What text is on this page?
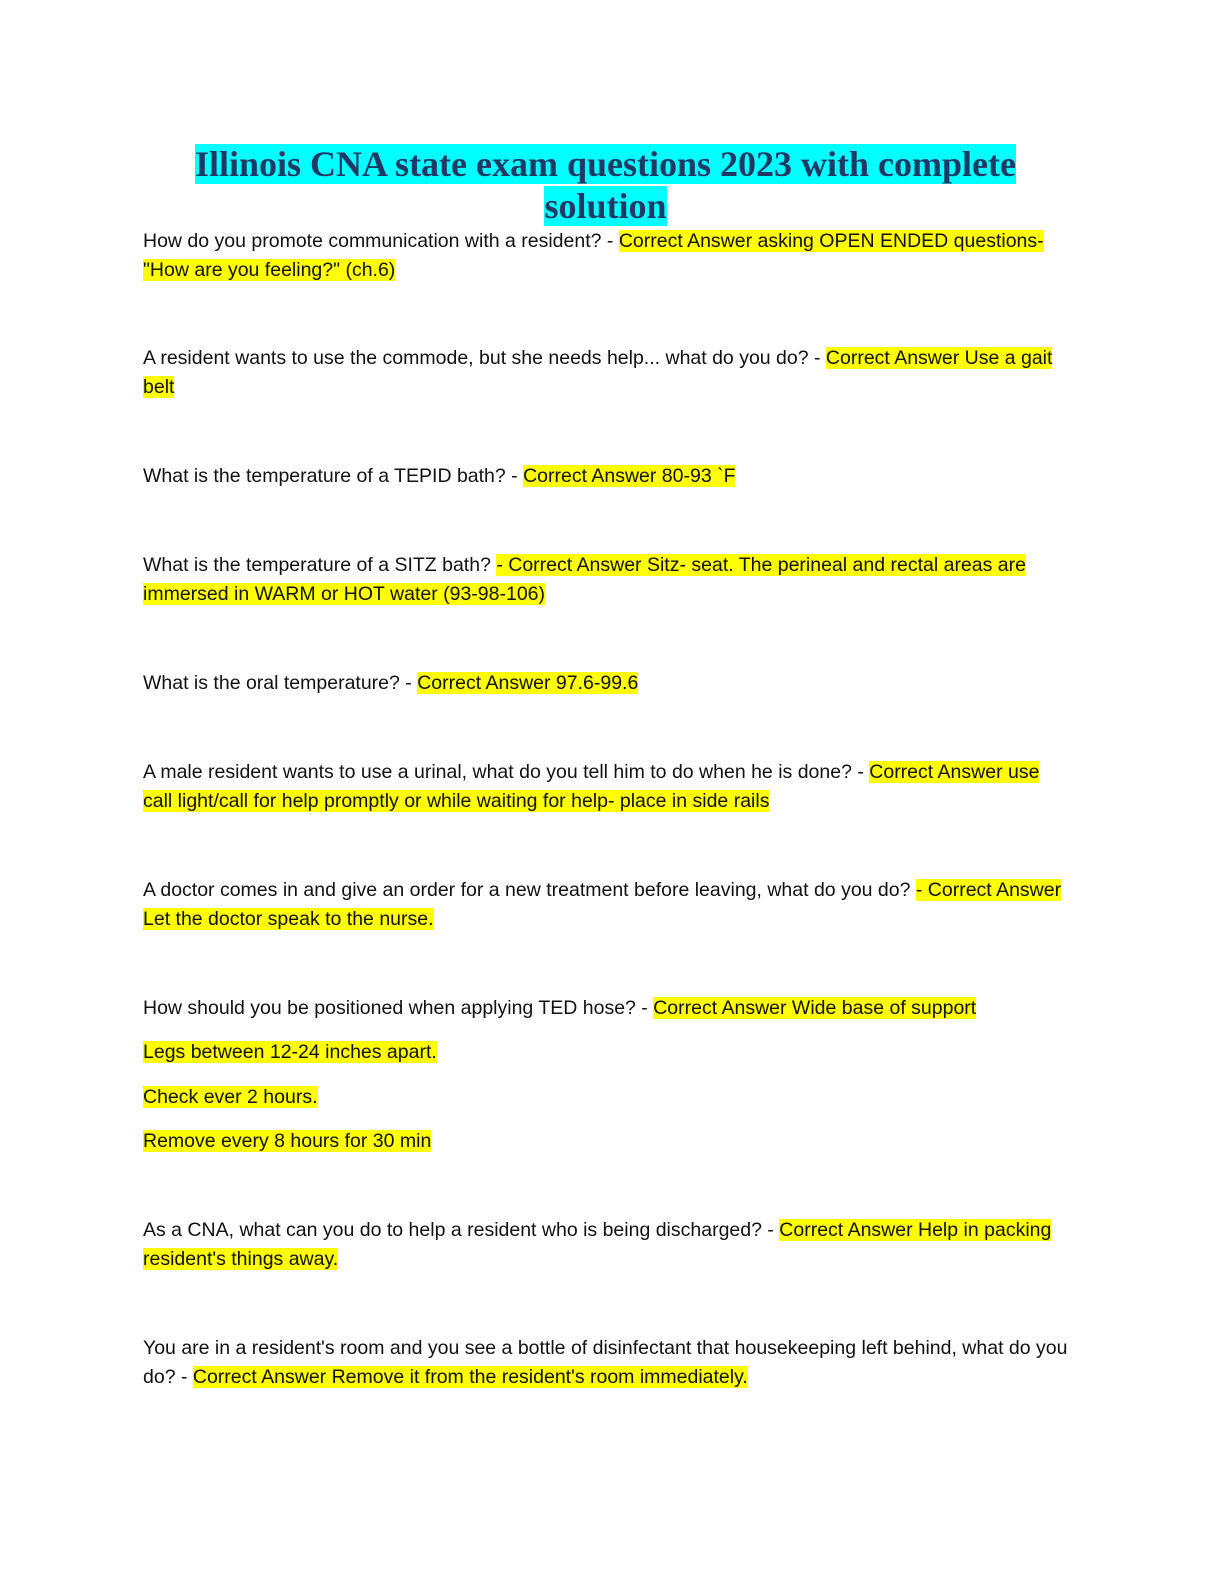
Illinois CNA state exam questions 2023 with complete solution

How do you promote communication with a resident? - Correct Answer asking OPEN ENDED questions- "How are you feeling?" (ch.6)

A resident wants to use the commode, but she needs help... what do you do? - Correct Answer Use a gait belt

What is the temperature of a TEPID bath? - Correct Answer 80-93 `F

What is the temperature of a SITZ bath? - Correct Answer Sitz- seat. The perineal and rectal areas are immersed in WARM or HOT water (93-98-106)

What is the oral temperature? - Correct Answer 97.6-99.6

A male resident wants to use a urinal, what do you tell him to do when he is done? - Correct Answer use call light/call for help promptly or while waiting for help- place in side rails

A doctor comes in and give an order for a new treatment before leaving, what do you do? - Correct Answer Let the doctor speak to the nurse.

How should you be positioned when applying TED hose? - Correct Answer Wide base of support

Legs between 12-24 inches apart.

Check ever 2 hours.

Remove every 8 hours for 30 min

As a CNA, what can you do to help a resident who is being discharged? - Correct Answer Help in packing resident's things away.

You are in a resident's room and you see a bottle of disinfectant that housekeeping left behind, what do you do? - Correct Answer Remove it from the resident's room immediately.
